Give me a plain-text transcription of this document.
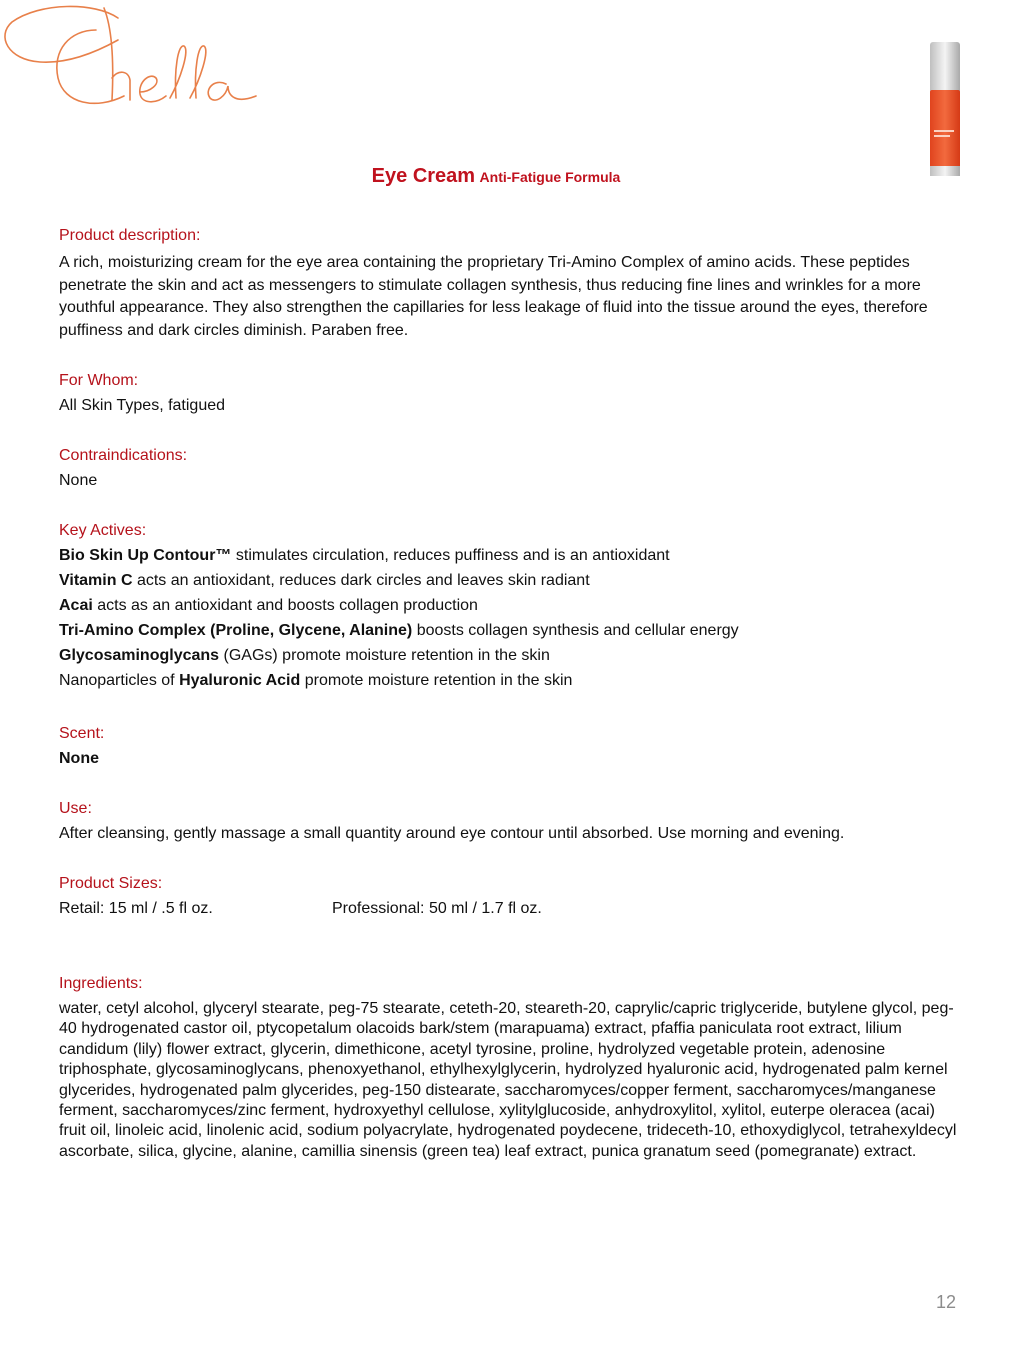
Eye Cream Anti-Fatigue Formula
Product description:
A rich, moisturizing cream for the eye area containing the proprietary Tri-Amino Complex of amino acids. These peptides penetrate the skin and act as messengers to stimulate collagen synthesis, thus reducing fine lines and wrinkles for a more youthful appearance. They also strengthen the capillaries for less leakage of fluid into the tissue around the eyes, therefore puffiness and dark circles diminish. Paraben free.
For Whom:
All Skin Types, fatigued
Contraindications:
None
Key Actives:
Bio Skin Up Contour™ stimulates circulation, reduces puffiness and is an antioxidant
Vitamin C acts an antioxidant, reduces dark circles and leaves skin radiant
Acai acts as an antioxidant and boosts collagen production
Tri-Amino Complex (Proline, Glycene, Alanine) boosts collagen synthesis and cellular energy
Glycosaminoglycans (GAGs) promote moisture retention in the skin
Nanoparticles of Hyaluronic Acid promote moisture retention in the skin
Scent:
None
Use:
After cleansing, gently massage a small quantity around eye contour until absorbed. Use morning and evening.
Product Sizes:
Retail: 15 ml / .5 fl oz.	Professional: 50 ml / 1.7 fl oz.
Ingredients:
water, cetyl alcohol, glyceryl stearate, peg-75 stearate, ceteth-20, steareth-20, caprylic/capric triglyceride, butylene glycol, peg-40 hydrogenated castor oil, ptycopetalum olacoids bark/stem (marapuama) extract, pfaffia paniculata root extract, lilium candidum (lily) flower extract, glycerin, dimethicone, acetyl tyrosine, proline, hydrolyzed vegetable protein, adenosine triphosphate, glycosaminoglycans, phenoxyethanol, ethylhexylglycerin, hydrolyzed hyaluronic acid, hydrogenated palm kernel glycerides, hydrogenated palm glycerides, peg-150 distearate, saccharomyces/copper ferment, saccharomyces/manganese ferment, saccharomyces/zinc ferment, hydroxyethyl cellulose, xylitylglucoside, anhydroxylitol, xylitol, euterpe oleracea (acai) fruit oil, linoleic acid, linolenic acid, sodium polyacrylate, hydrogenated poydecene, trideceth-10, ethoxydiglycol, tetrahexyldecyl ascorbate, silica, glycine, alanine, camillia sinensis (green tea) leaf extract, punica granatum seed (pomegranate) extract.
12
